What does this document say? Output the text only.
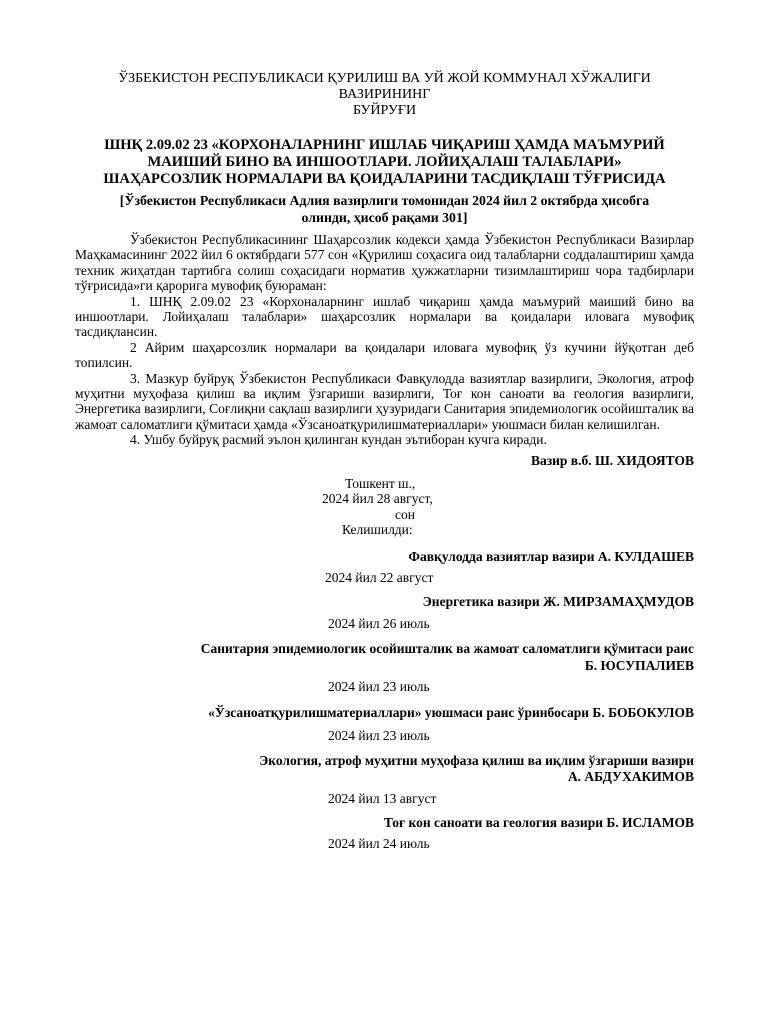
ЎЗБЕКИСТОН РЕСПУБЛИКАСИ ҚУРИЛИШ ВА УЙ ЖОЙ КОММУНАЛ ХЎЖАЛИГИ
ВАЗИРИНИНГ
БУЙРУҒИ
ШНҚ 2.09.02 23 «КОРХОНАЛАРНИНГ ИШЛАБ ЧИҚАРИШ ҲАМДА МАЪМУРИЙ
МАИШИЙ БИНО ВА ИНШООТЛАРИ. ЛОЙИҲАЛАШ ТАЛАБЛАРИ»
ШАҲАРСОЗЛИК НОРМАЛАРИ ВА ҚОИДАЛАРИНИ ТАСДИҚЛАШ ТЎҒРИСИДА
[Ўзбекистон Республикаси Адлия вазирлиги томонидан 2024 йил 2 октябрда ҳисобга
олинди, ҳисоб рақами 301]

Ўзбекистон Республикасининг Шаҳарсозлик кодекси ҳамда Ўзбекистон Республикаси Вазирлар Маҳкамасининг 2022 йил 6 октябрдаги 577 сон «Қурилиш соҳасига оид талабларни соддалаштириш ҳамда техник жиҳатдан тартибга солиш соҳасидаги норматив ҳужжатларни тизимлаштириш чора тадбирлари тўғрисида»ги қарорига мувофиқ буюраман:

1. ШНҚ 2.09.02 23 «Корхоналарнинг ишлаб чиқариш ҳамда маъмурий маиший бино ва иншоотлари. Лойиҳалаш талаблари» шаҳарсозлик нормалари ва қоидалари иловага мувофиқ тасдиқлансин.

2 Айрим шаҳарсозлик нормалари ва қоидалари иловага мувофиқ ўз кучини йўқотган деб топилсин.

3. Мазкур буйруқ Ўзбекистон Республикаси Фавқулодда вазиятлар вазирлиги, Экология, атроф муҳитни муҳофаза қилиш ва иқлим ўзгариши вазирлиги, Тоғ кон саноати ва геология вазирлиги, Энергетика вазирлиги, Соғлиқни сақлаш вазирлиги ҳузуридаги Санитария эпидемиологик осойишталик ва жамоат саломатлиги қўмитаси ҳамда «Ўзсаноатқурилишматериаллари» уюшмаси билан келишилган.

4. Ушбу буйруқ расмий эълон қилинган кундан эътиборан кучга киради.

Вазир в.б. Ш. ХИДОЯТОВ
Тошкент ш.,
2024 йил 28 август,
сон
Келишилди:
Фавқулодда вазиятлар вазири А. КУЛДАШЕВ
2024 йил 22 август
Энергетика вазири Ж. МИРЗАМАҲМУДОВ
2024 йил 26 июль
Санитария эпидемиологик осойишталик ва жамоат саломатлиги қўмитаси раис
Б. ЮСУПАЛИЕВ
2024 йил 23 июль
«Ўзсаноатқурилишматериаллари» уюшмаси раис ўринбосари Б. БОБОКУЛОВ
2024 йил 23 июль
Экология, атроф муҳитни муҳофаза қилиш ва иқлим ўзгариши вазири
А. АБДУХАКИМОВ
2024 йил 13 август
Тоғ кон саноати ва геология вазири Б. ИСЛАМОВ
2024 йил 24 июль
